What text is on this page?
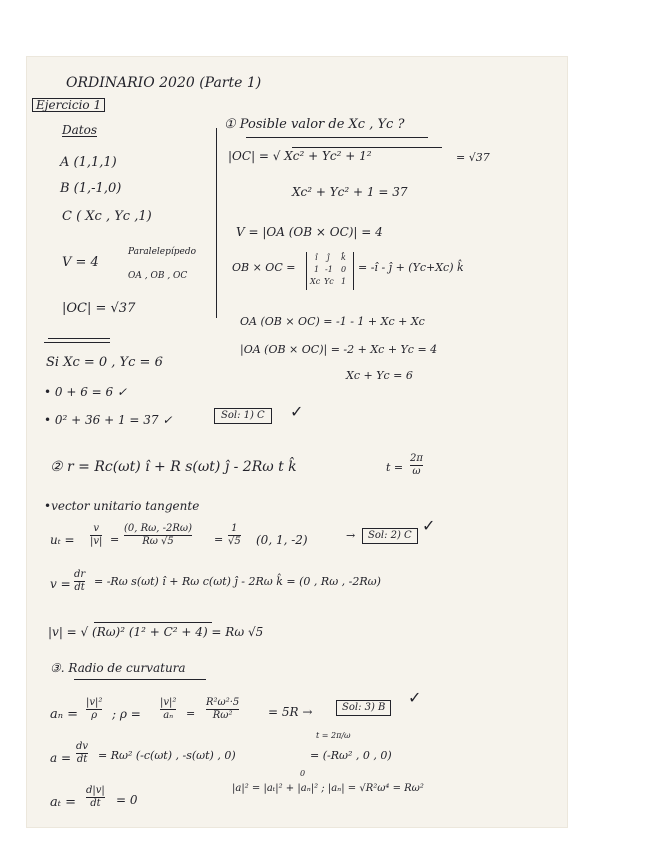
ORDINARIO 2020 (Parte 1)
Ejercicio 1
Datos
A (1,1,1)
B (1,-1,0)
C ( Xc , Yc ,1)
V = 4
Paralelepípedo
OA , OB , OC
|OC| = √37
① Posible valor de Xc , Yc ?
|OC| = √ Xc² + Yc² + 1²	= √37
Xc² + Yc² + 1 = 37
V = |OA (OB × OC)| = 4
OB × OC =
î ĵ k̂
1 -1 0
Xc Yc 1
= -î - ĵ + (Yc+Xc) k̂
OA (OB × OC) = -1 - 1 + Xc + Xc
|OA (OB × OC)| = -2 + Xc + Yc = 4
Xc + Yc = 6
Si Xc = 0 , Yc = 6
• 0 + 6 = 6 ✓
• 0² + 36 + 1 = 37 ✓	Sol: 1) C	✓
② r = Rc(ωt) î + R s(ωt) ĵ - 2Rω t k̂	t =
2π
ω
•vector unitario tangente
uₜ =
v
|v| =
(0, Rω, -2Rω)
Rω √5	=
1
√5 (0, 1, -2)	→	Sol: 2) C
✓
v =
dr
dt = -Rω s(ωt) î + Rω c(ωt) ĵ - 2Rω k̂ = (0 , Rω , -2Rω)
|v| = √ (Rω)² (1² + C² + 4) = Rω √5
③. Radio de curvatura
aₙ =
|v|²
ρ ; ρ =
|v|²
aₙ =
R²ω²·5
Rω²	= 5R →	Sol: 3) B
✓
a =
dv
dt = Rω² (-c(ωt) , -s(ωt) , 0)
t = 2π/ω
= (-Rω² , 0 , 0)
aₜ =
d|v|
dt = 0
0
|a|² = |aₜ|² + |aₙ|² ; |aₙ| = √R²ω⁴ = Rω²
